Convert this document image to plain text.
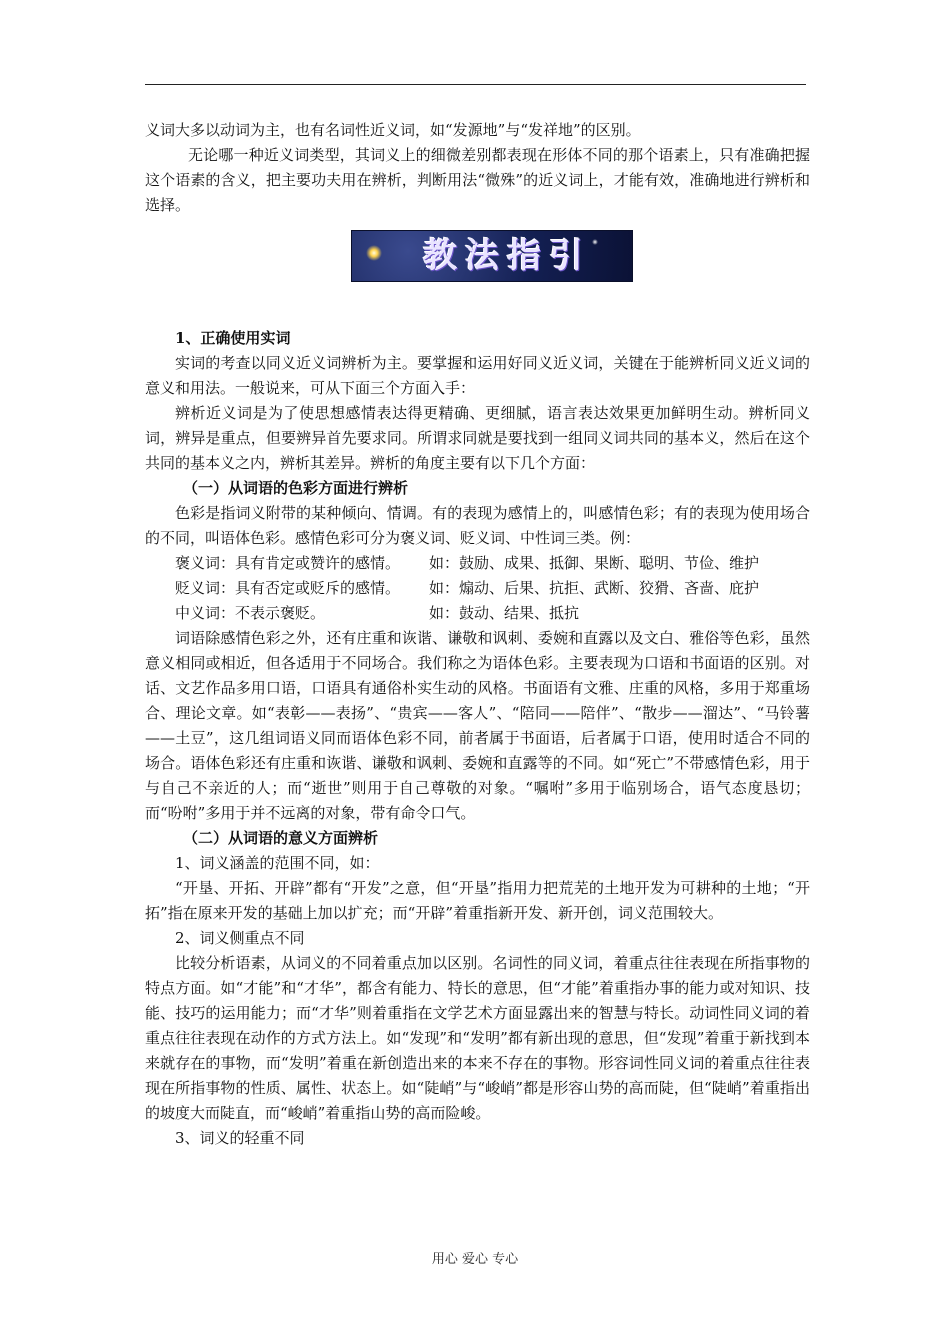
义词大多以动词为主，也有名词性近义词，如“发源地”与“发祥地”的区别。

无论哪一种近义词类型，其词义上的细微差别都表现在形体不同的那个语素上，只有准确把握这个语素的含义，把主要功夫用在辨析，判断用法“微殊”的近义词上，才能有效，准确地进行辨析和选择。

教法指引

1、正确使用实词

实词的考查以同义近义词辨析为主。要掌握和运用好同义近义词，关键在于能辨析同义近义词的意义和用法。一般说来，可从下面三个方面入手：

辨析近义词是为了使思想感情表达得更精确、更细腻，语言表达效果更加鲜明生动。辨析同义词，辨异是重点，但要辨异首先要求同。所谓求同就是要找到一组同义词共同的基本义，然后在这个共同的基本义之内，辨析其差异。辨析的角度主要有以下几个方面：

（一）从词语的色彩方面进行辨析

色彩是指词义附带的某种倾向、情调。有的表现为感情上的，叫感情色彩；有的表现为使用场合的不同，叫语体色彩。感情色彩可分为褒义词、贬义词、中性词三类。例：

褒义词：具有肯定或赞许的感情。	如：鼓励、成果、抵御、果断、聪明、节俭、维护
贬义词：具有否定或贬斥的感情。	如：煽动、后果、抗拒、武断、狡猾、吝啬、庇护
中义词：不表示褒贬。	如：鼓动、结果、抵抗

词语除感情色彩之外，还有庄重和诙谐、谦敬和讽刺、委婉和直露以及文白、雅俗等色彩，虽然意义相同或相近，但各适用于不同场合。我们称之为语体色彩。主要表现为口语和书面语的区别。对话、文艺作品多用口语，口语具有通俗朴实生动的风格。书面语有文雅、庄重的风格，多用于郑重场合、理论文章。如“表彰——表扬”、“贵宾——客人”、“陪同——陪伴”、“散步——溜达”、“马铃薯——土豆”，这几组词语义同而语体色彩不同，前者属于书面语，后者属于口语，使用时适合不同的场合。语体色彩还有庄重和诙谐、谦敬和讽刺、委婉和直露等的不同。如“死亡”不带感情色彩，用于与自己不亲近的人；而“逝世”则用于自己尊敬的对象。“嘱咐”多用于临别场合，语气态度恳切；而“吩咐”多用于并不远离的对象，带有命令口气。

（二）从词语的意义方面辨析

1、词义涵盖的范围不同，如：

“开垦、开拓、开辟”都有“开发”之意，但“开垦”指用力把荒芜的土地开发为可耕种的土地；“开拓”指在原来开发的基础上加以扩充；而“开辟”着重指新开发、新开创，词义范围较大。

2、词义侧重点不同

比较分析语素，从词义的不同着重点加以区别。名词性的同义词，着重点往往表现在所指事物的特点方面。如“才能”和“才华”，都含有能力、特长的意思，但“才能”着重指办事的能力或对知识、技能、技巧的运用能力；而“才华”则着重指在文学艺术方面显露出来的智慧与特长。动词性同义词的着重点往往表现在动作的方式方法上。如“发现”和“发明”都有新出现的意思，但“发现”着重于新找到本来就存在的事物，而“发明”着重在新创造出来的本来不存在的事物。形容词性同义词的着重点往往表现在所指事物的性质、属性、状态上。如“陡峭”与“峻峭”都是形容山势的高而陡，但“陡峭”着重指出的坡度大而陡直，而“峻峭”着重指山势的高而险峻。

3、词义的轻重不同

用心 爱心 专心
